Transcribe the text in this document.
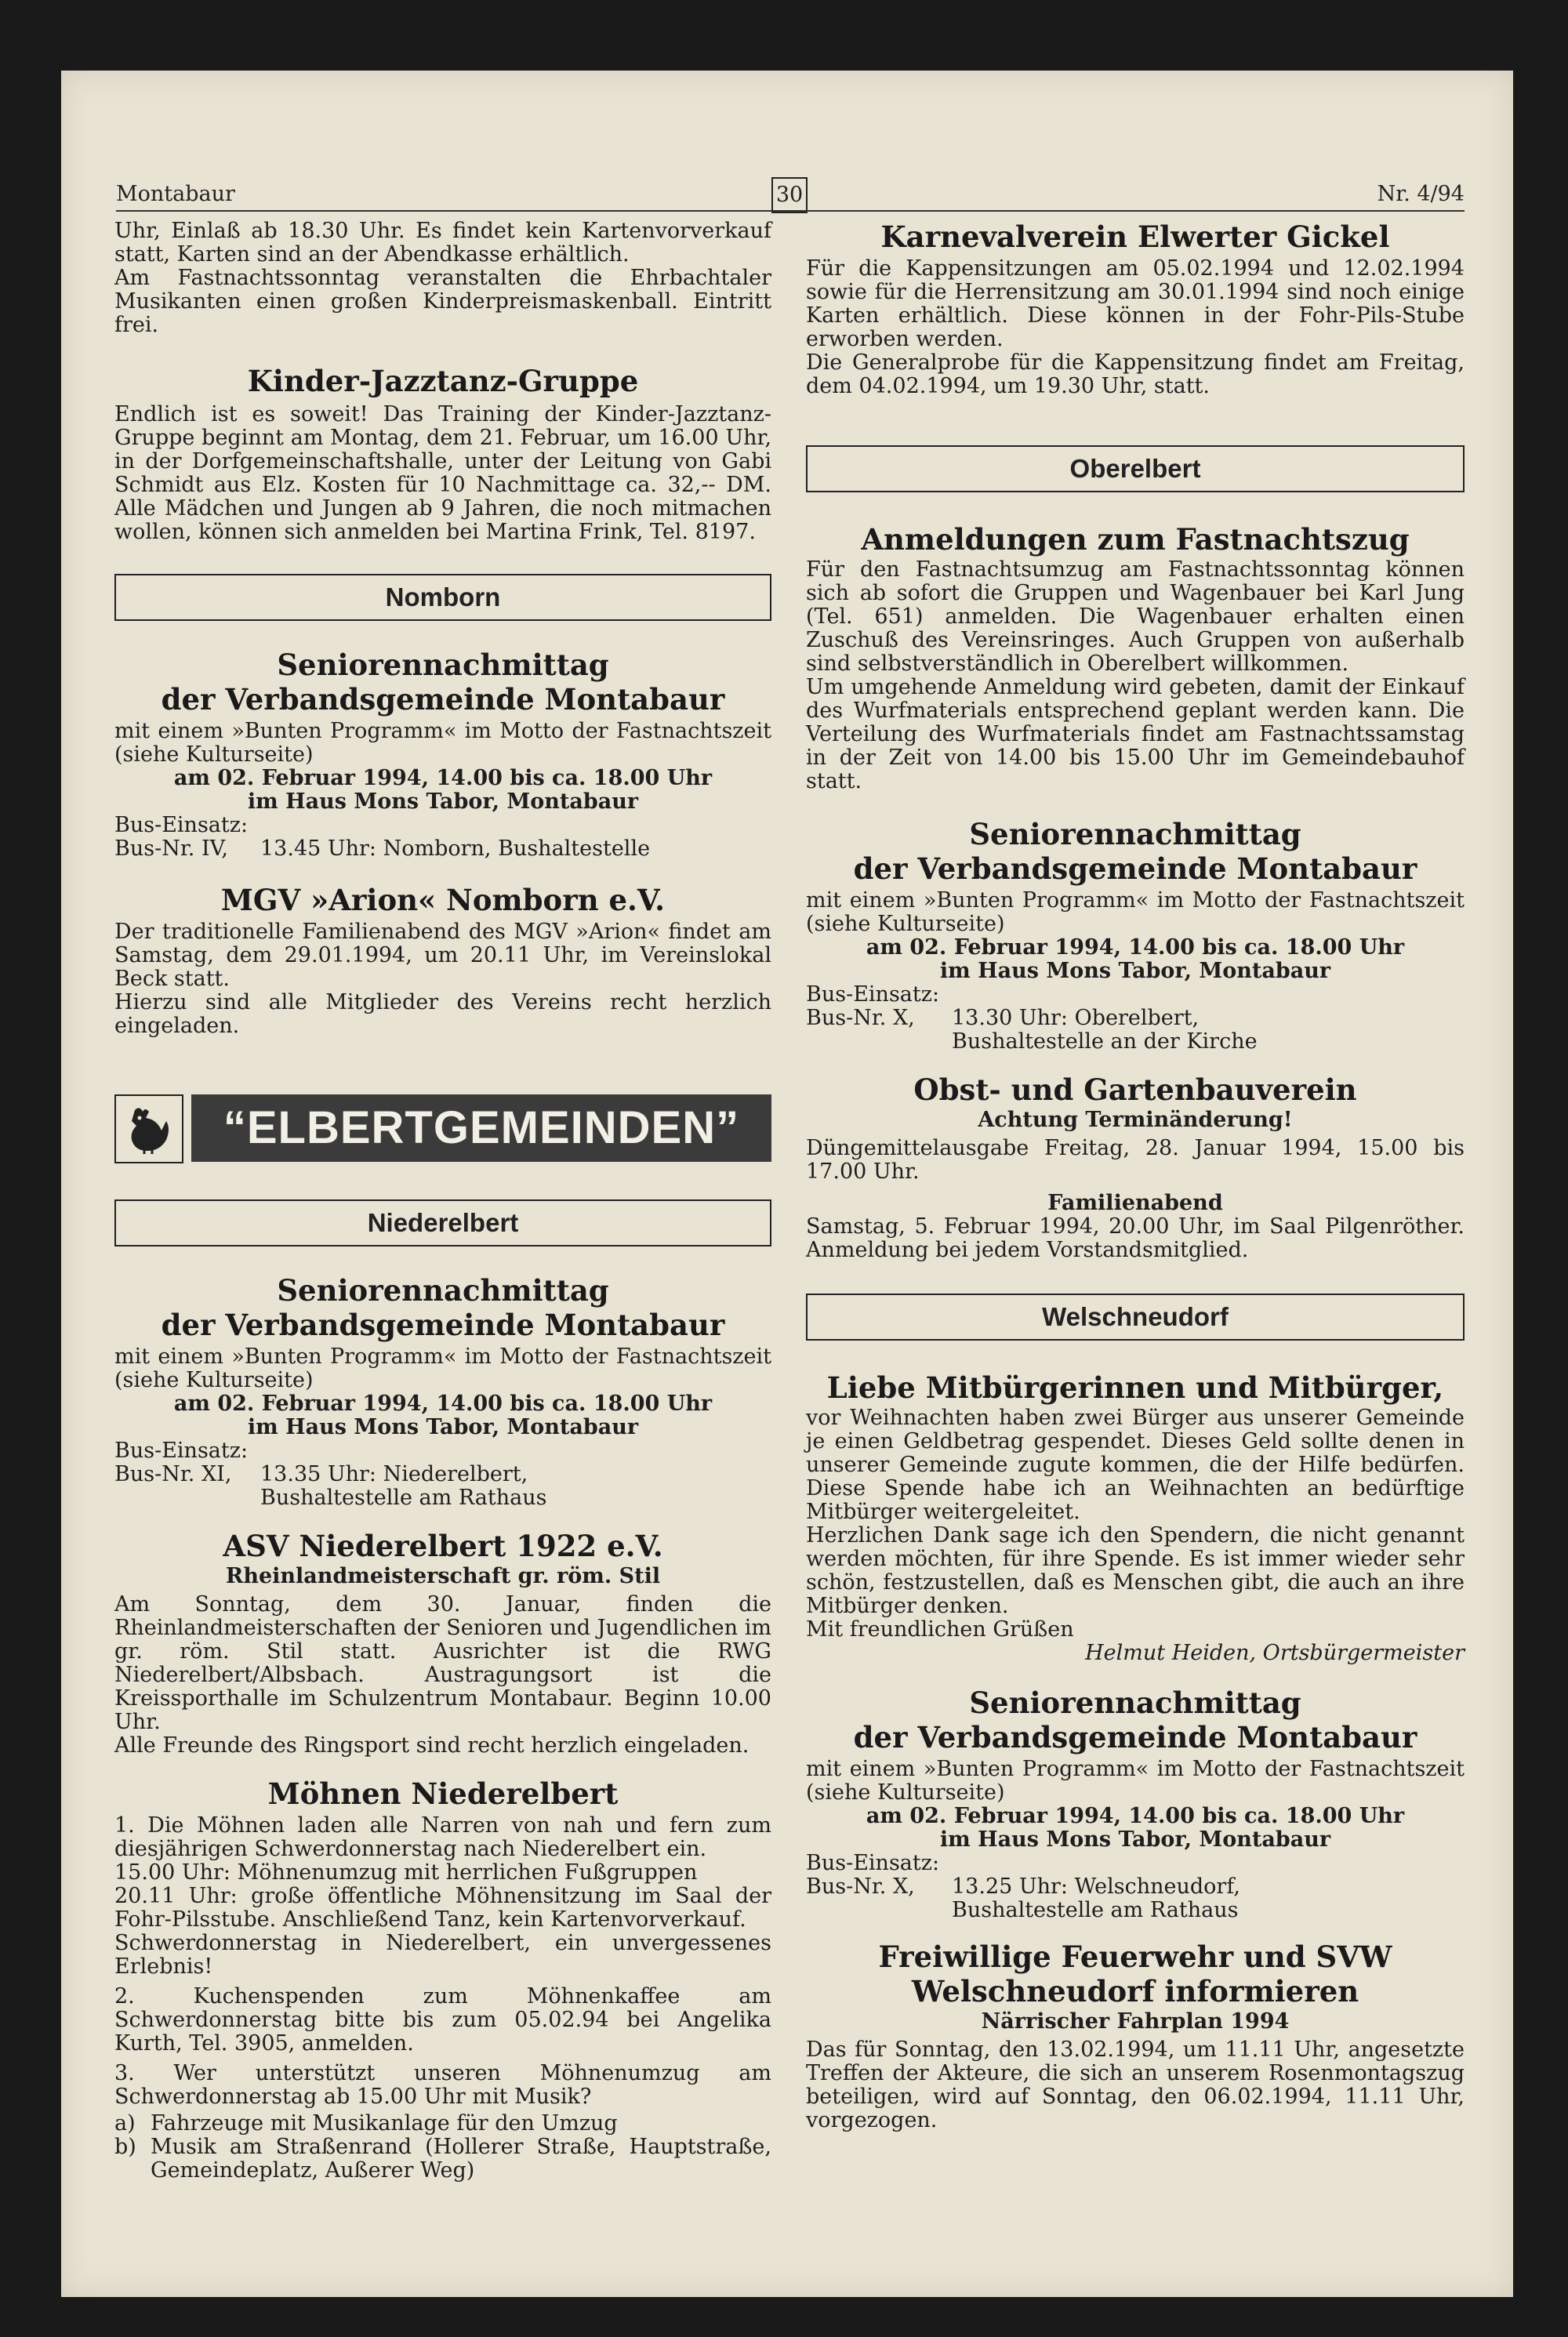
Montabaur	30	Nr. 4/94

Uhr, Einlaß ab 18.30 Uhr. Es findet kein Kartenvorverkauf statt, Karten sind an der Abendkasse erhältlich.

Am Fastnachtssonntag veranstalten die Ehrbachtaler Musikanten einen großen Kinderpreismaskenball. Eintritt frei.

Kinder-Jazztanz-Gruppe

Endlich ist es soweit! Das Training der Kinder-Jazztanz-Gruppe beginnt am Montag, dem 21. Februar, um 16.00 Uhr, in der Dorfgemeinschaftshalle, unter der Leitung von Gabi Schmidt aus Elz. Kosten für 10 Nachmittage ca. 32,-- DM. Alle Mädchen und Jungen ab 9 Jahren, die noch mitmachen wollen, können sich anmelden bei Martina Frink, Tel. 8197.

Nomborn
Seniorennachmittag
der Verbandsgemeinde Montabaur

mit einem »Bunten Programm« im Motto der Fastnachtszeit (siehe Kulturseite)

am 02. Februar 1994, 14.00 bis ca. 18.00 Uhr

im Haus Mons Tabor, Montabaur

Bus-Einsatz:

Bus-Nr. IV,	13.45 Uhr: Nomborn, Bushaltestelle
MGV »Arion« Nomborn e.V.

Der traditionelle Familienabend des MGV »Arion« findet am Samstag, dem 29.01.1994, um 20.11 Uhr, im Vereinslokal Beck statt.

Hierzu sind alle Mitglieder des Vereins recht herzlich eingeladen.

“ELBERTGEMEINDEN”
Niederelbert
Seniorennachmittag
der Verbandsgemeinde Montabaur

mit einem »Bunten Programm« im Motto der Fastnachtszeit (siehe Kulturseite)

am 02. Februar 1994, 14.00 bis ca. 18.00 Uhr

im Haus Mons Tabor, Montabaur

Bus-Einsatz:

Bus-Nr. XI,	13.35 Uhr: Niederelbert,
Bushaltestelle am Rathaus
ASV Niederelbert 1922 e.V.

Rheinlandmeisterschaft gr. röm. Stil

Am Sonntag, dem 30. Januar, finden die Rheinlandmeisterschaften der Senioren und Jugendlichen im gr. röm. Stil statt. Ausrichter ist die RWG Niederelbert/Albsbach. Austragungsort ist die Kreissporthalle im Schulzentrum Montabaur. Beginn 10.00 Uhr.

Alle Freunde des Ringsport sind recht herzlich eingeladen.

Möhnen Niederelbert

1. Die Möhnen laden alle Narren von nah und fern zum diesjährigen Schwerdonnerstag nach Niederelbert ein.

15.00 Uhr: Möhnenumzug mit herrlichen Fußgruppen

20.11 Uhr: große öffentliche Möhnensitzung im Saal der Fohr-Pilsstube. Anschließend Tanz, kein Kartenvorverkauf.

Schwerdonnerstag in Niederelbert, ein unvergessenes Erlebnis!

2. Kuchenspenden zum Möhnenkaffee am Schwerdonnerstag bitte bis zum 05.02.94 bei Angelika Kurth, Tel. 3905, anmelden.

3. Wer unterstützt unseren Möhnenumzug am Schwerdonnerstag ab 15.00 Uhr mit Musik?

a) Fahrzeuge mit Musikanlage für den Umzug

b) Musik am Straßenrand (Hollerer Straße, Hauptstraße, Gemeindeplatz, Außerer Weg)

Karnevalverein Elwerter Gickel

Für die Kappensitzungen am 05.02.1994 und 12.02.1994 sowie für die Herrensitzung am 30.01.1994 sind noch einige Karten erhältlich. Diese können in der Fohr-Pils-Stube erworben werden.

Die Generalprobe für die Kappensitzung findet am Freitag, dem 04.02.1994, um 19.30 Uhr, statt.

Oberelbert
Anmeldungen zum Fastnachtszug

Für den Fastnachtsumzug am Fastnachtssonntag können sich ab sofort die Gruppen und Wagenbauer bei Karl Jung (Tel. 651) anmelden. Die Wagenbauer erhalten einen Zuschuß des Vereinsringes. Auch Gruppen von außerhalb sind selbstverständlich in Oberelbert willkommen.

Um umgehende Anmeldung wird gebeten, damit der Einkauf des Wurfmaterials entsprechend geplant werden kann. Die Verteilung des Wurfmaterials findet am Fastnachtssamstag in der Zeit von 14.00 bis 15.00 Uhr im Gemeindebauhof statt.

Seniorennachmittag
der Verbandsgemeinde Montabaur

mit einem »Bunten Programm« im Motto der Fastnachtszeit (siehe Kulturseite)

am 02. Februar 1994, 14.00 bis ca. 18.00 Uhr

im Haus Mons Tabor, Montabaur

Bus-Einsatz:

Bus-Nr. X,	13.30 Uhr: Oberelbert,
Bushaltestelle an der Kirche
Obst- und Gartenbauverein

Achtung Terminänderung!

Düngemittelausgabe Freitag, 28. Januar 1994, 15.00 bis 17.00 Uhr.

Familienabend

Samstag, 5. Februar 1994, 20.00 Uhr, im Saal Pilgenröther. Anmeldung bei jedem Vorstandsmitglied.

Welschneudorf
Liebe Mitbürgerinnen und Mitbürger,

vor Weihnachten haben zwei Bürger aus unserer Gemeinde je einen Geldbetrag gespendet. Dieses Geld sollte denen in unserer Gemeinde zugute kommen, die der Hilfe bedürfen. Diese Spende habe ich an Weihnachten an bedürftige Mitbürger weitergeleitet.

Herzlichen Dank sage ich den Spendern, die nicht genannt werden möchten, für ihre Spende. Es ist immer wieder sehr schön, festzustellen, daß es Menschen gibt, die auch an ihre Mitbürger denken.

Mit freundlichen Grüßen

Helmut Heiden, Ortsbürgermeister

Seniorennachmittag
der Verbandsgemeinde Montabaur

mit einem »Bunten Programm« im Motto der Fastnachtszeit (siehe Kulturseite)

am 02. Februar 1994, 14.00 bis ca. 18.00 Uhr

im Haus Mons Tabor, Montabaur

Bus-Einsatz:

Bus-Nr. X,	13.25 Uhr: Welschneudorf,
Bushaltestelle am Rathaus
Freiwillige Feuerwehr und SVW
Welschneudorf informieren

Närrischer Fahrplan 1994

Das für Sonntag, den 13.02.1994, um 11.11 Uhr, angesetzte Treffen der Akteure, die sich an unserem Rosenmontagszug beteiligen, wird auf Sonntag, den 06.02.1994, 11.11 Uhr, vorgezogen.
